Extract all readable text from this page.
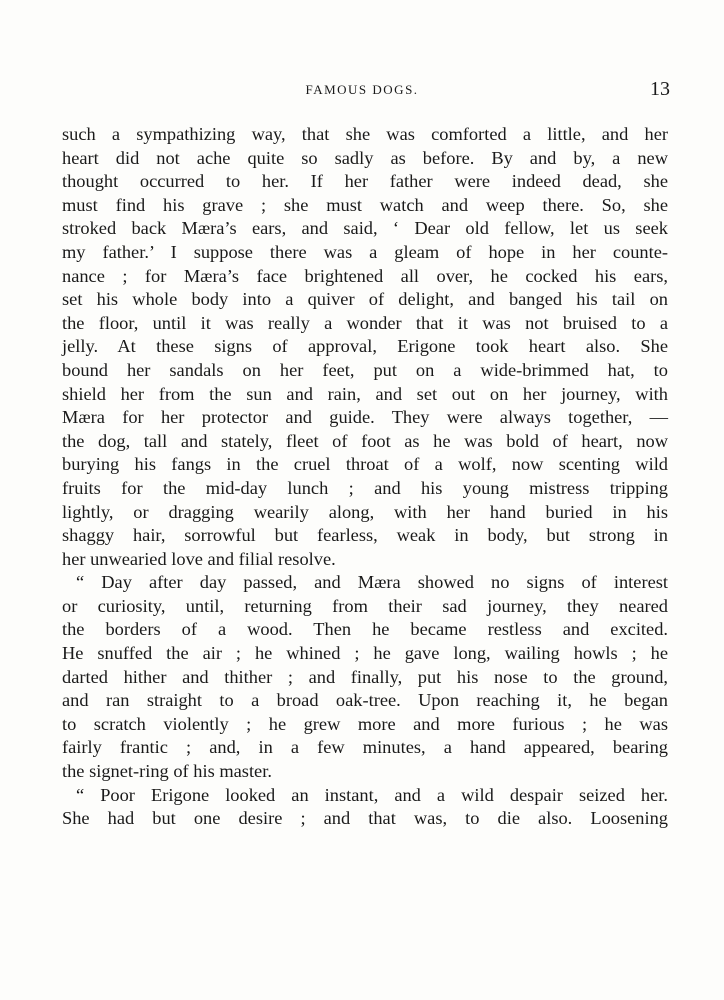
FAMOUS DOGS.	13
such a sympathizing way, that she was comforted a little, and her
heart did not ache quite so sadly as before. By and by, a new
thought occurred to her. If her father were indeed dead, she
must find his grave ; she must watch and weep there. So, she
stroked back Mæra’s ears, and said, ‘ Dear old fellow, let us seek
my father.’ I suppose there was a gleam of hope in her counte-
nance ; for Mæra’s face brightened all over, he cocked his ears,
set his whole body into a quiver of delight, and banged his tail on
the floor, until it was really a wonder that it was not bruised to a
jelly. At these signs of approval, Erigone took heart also. She
bound her sandals on her feet, put on a wide-brimmed hat, to
shield her from the sun and rain, and set out on her journey, with
Mæra for her protector and guide. They were always together, —
the dog, tall and stately, fleet of foot as he was bold of heart, now
burying his fangs in the cruel throat of a wolf, now scenting wild
fruits for the mid-day lunch ; and his young mistress tripping
lightly, or dragging wearily along, with her hand buried in his
shaggy hair, sorrowful but fearless, weak in body, but strong in
her unwearied love and filial resolve.
“ Day after day passed, and Mæra showed no signs of interest
or curiosity, until, returning from their sad journey, they neared
the borders of a wood. Then he became restless and excited.
He snuffed the air ; he whined ; he gave long, wailing howls ; he
darted hither and thither ; and finally, put his nose to the ground,
and ran straight to a broad oak-tree. Upon reaching it, he began
to scratch violently ; he grew more and more furious ; he was
fairly frantic ; and, in a few minutes, a hand appeared, bearing
the signet-ring of his master.
“ Poor Erigone looked an instant, and a wild despair seized her.
She had but one desire ; and that was, to die also. Loosening
